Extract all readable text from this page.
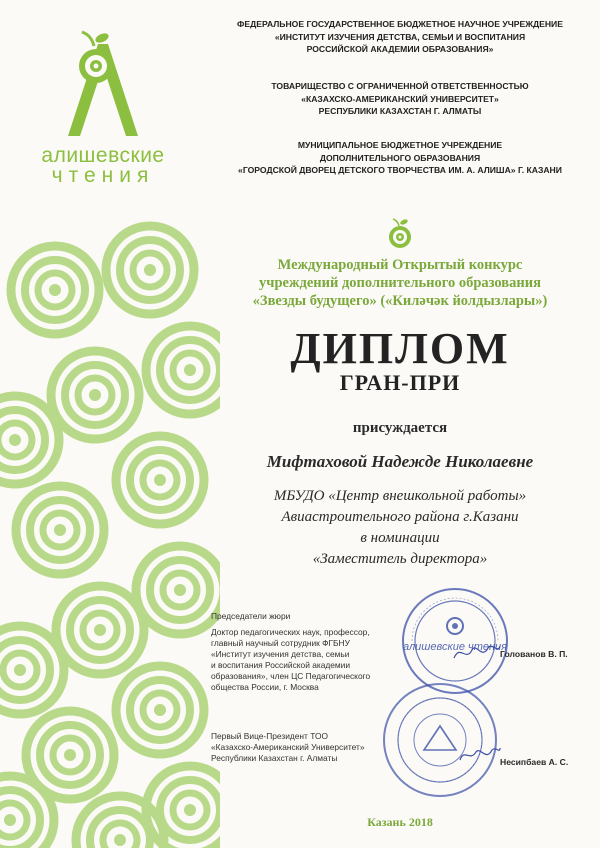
алишевские
чтения
ФЕДЕРАЛЬНОЕ ГОСУДАРСТВЕННОЕ БЮДЖЕТНОЕ НАУЧНОЕ УЧРЕЖДЕНИЕ
«ИНСТИТУТ ИЗУЧЕНИЯ ДЕТСТВА, СЕМЬИ И ВОСПИТАНИЯ
РОССИЙСКОЙ АКАДЕМИИ ОБРАЗОВАНИЯ»
ТОВАРИЩЕСТВО С ОГРАНИЧЕННОЙ ОТВЕТСТВЕННОСТЬЮ
«КАЗАХСКО-АМЕРИКАНСКИЙ УНИВЕРСИТЕТ»
РЕСПУБЛИКИ КАЗАХСТАН Г. АЛМАТЫ
МУНИЦИПАЛЬНОЕ БЮДЖЕТНОЕ УЧРЕЖДЕНИЕ
ДОПОЛНИТЕЛЬНОГО ОБРАЗОВАНИЯ
«ГОРОДСКОЙ ДВОРЕЦ ДЕТСКОГО ТВОРЧЕСТВА ИМ. А. АЛИША» Г. КАЗАНИ
Международный Открытый конкурс
учреждений дополнительного образования
«Звезды будущего» («Киләчәк йолдызлары»)
ДИПЛОМ
ГРАН-ПРИ
присуждается
Мифтаховой Надежде Николаевне
МБУДО «Центр внешкольной работы»
Авиастроительного района г.Казани
в номинации
«Заместитель директора»
Председатели жюри
Доктор педагогических наук, профессор,
главный научный сотрудник ФГБНУ
«Институт изучения детства, семьи
и воспитания Российской академии
образования», член ЦС Педагогического
общества России, г. Москва
Первый Вице-Президент ТОО
«Казахско-Американский Университет»
Республики Казахстан г. Алматы
алишевские чтения
Голованов В. П.
Несипбаев А. С.
Казань 2018
